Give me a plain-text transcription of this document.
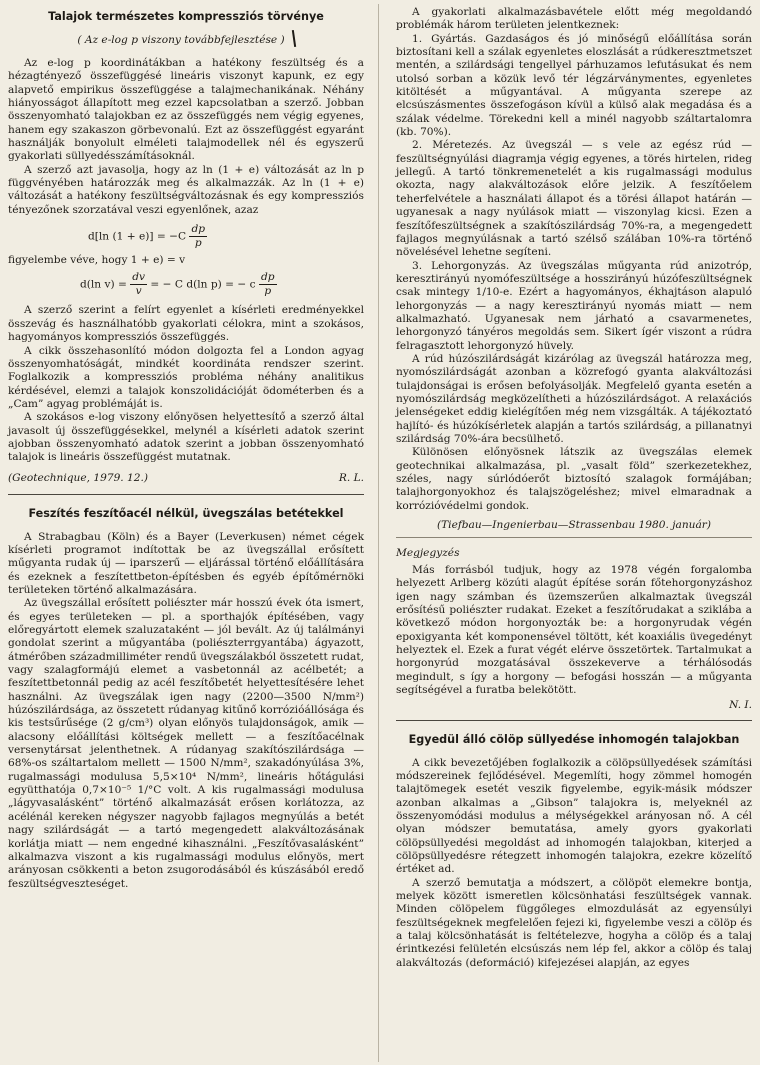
Talajok természetes kompressziós törvénye
( Az e-log p viszony továbbfejlesztése )

Az e-log p koordinátákban a hatékony feszültség és a hézagtényező összefüggésé lineáris viszonyt kapunk, ez egy alapvető empirikus összefüggése a talajmechanikának. Néhány hiányosságot állapított meg ezzel kapcsolatban a szerző. Jobban összenyomható talajokban ez az összefüggés nem végig egyenes, hanem egy szakaszon görbevonalú. Ezt az összefüggést egyaránt használják bonyolult elméleti talajmodellek nél és egyszerű gyakorlati süllyedésszámításoknál.

A szerző azt javasolja, hogy az ln (1 + e) változását az ln p függvényében határozzák meg és alkalmazzák. Az ln (1 + e) változását a hatékony feszültségváltozásnak és egy kompressziós tényezőnek szorzatával veszi egyenlőnek, azaz

d[ln $(1 + e)] = -C \frac{dp}{p}$

figyelembe véve, hogy 1 + e) = v

d(ln $v) = \frac{dv}{v}$ = − C d(ln p) = − c $\frac{dp}{p}$

A szerző szerint a felírt egyenlet a kísérleti eredményekkel összevág és használhatóbb gyakorlati célokra, mint a szokásos, hagyományos kompressziós összefüggés.

A cikk összehasonlító módon dolgozta fel a London agyag összenyomhatóságát, mindkét koordináta rendszer szerint. Foglalkozik a kompressziós probléma néhány analitikus kérdésével, elemzi a talajok konszolidációját ödométerben és a „Cam” agyag problémáját is.

A szokásos e-log viszony előnyösen helyettesítő a szerző által javasolt új összefüggésekkel, melynél a kísérleti adatok szerint ajobban összenyomható adatok szerint a jobban összenyomható talajok is lineáris összefüggést mutatnak.

(Geotechnique, 1979. 12.)	R. L.
Feszítés feszítőacél nélkül, üvegszálas betétekkel

A Strabagbau (Köln) és a Bayer (Leverkusen) német cégek kísérleti programot indítottak be az üvegszállal erősített műgyanta rudak új — iparszerű — eljárással történő előállítására és ezeknek a feszítettbeton-építésben és egyéb építőmérnöki területeken történő alkalmazására.

Az üvegszállal erősített poliészter már hosszú évek óta ismert, és egyes területeken — pl. a sporthajók építésében, vagy előregyártott elemek szaluzataként — jól bevált. Az új találmányi gondolat szerint a műgyantába (poliészterrgyantába) ágyazott, átmérőben századmilliméter rendű üvegszálakból összetett rudat, vagy szalagformájú elemet a vasbetonnál az acélbetét; a feszítettbetonnál pedig az acél feszítőbetét helyettesítésére lehet használni. Az üvegszálak igen nagy (2200—3500 N/mm²) húzószilárdsága, az összetett rúdanyag kitűnő korrózióállósága és kis testsűrűsége (2 g/cm³) olyan előnyös tulajdonságok, amik — alacsony előállítási költségek mellett — a feszítőacélnak versenytársat jelenthetnek. A rúdanyag szakítószilárdsága — 68%-os száltartalom mellett — 1500 N/mm², szakadónyúlása 3%, rugalmassági modulusa 5,5×10⁴ N/mm², lineáris hőtágulási együtthatója 0,7×10⁻⁵ 1/°C volt. A kis rugalmassági modulusa „lágyvasalásként” történő alkalmazását erősen korlátozza, az acélénál kereken négyszer nagyobb fajlagos megnyúlás a betét nagy szilárdságát — a tartó megengedett alakváltozásának korlátja miatt — nem engedné kihasználni. „Feszítővasalásként” alkalmazva viszont a kis rugalmassági modulus előnyös, mert arányosan csökkenti a beton zsugorodásából és kúszásából eredő feszültségveszteséget.

A gyakorlati alkalmazásbavétele előtt még megoldandó problémák három területen jelentkeznek:

1. Gyártás. Gazdaságos és jó minőségű előállítása során biztosítani kell a szálak egyenletes eloszlását a rúdkeresztmetszet mentén, a szilárdsági tengellyel párhuzamos lefutásukat és nem utolsó sorban a közük levő tér légzárványmentes, egyenletes kitöltését a műgyantával. A műgyanta szerepe az elcsúszásmentes összefogáson kívül a külső alak megadása és a szálak védelme. Törekedni kell a minél nagyobb száltartalomra (kb. 70%).

2. Méretezés. Az üvegszál — s vele az egész rúd — feszültségnyúlási diagramja végig egyenes, a törés hirtelen, rideg jellegű. A tartó tönkremenetelét a kis rugalmassági modulus okozta, nagy alakváltozások előre jelzik. A feszítőelem teherfelvétele a használati állapot és a törési állapot határán — ugyanesak a nagy nyúlások miatt — viszonylag kicsi. Ezen a feszítőfeszültségnek a szakítószilárdság 70%-ra, a megengedett fajlagos megnyúlásnak a tartó szélső szálában 10%-ra történő növelésével lehetne segíteni.

3. Lehorgonyzás. Az üvegszálas műgyanta rúd anizotróp, keresztirányú nyomófeszültsége a hosszirányú húzófeszültségnek csak mintegy 1/10-e. Ezért a hagyományos, ékhajtáson alapuló lehorgonyzás — a nagy keresztirányú nyomás miatt — nem alkalmazható. Ugyanesak nem járható a csavarmenetes, lehorgonyzó tányéros megoldás sem. Sikert ígér viszont a rúdra felragasztott lehorgonyzó hüvely.

A rúd húzószilárdságát kizárólag az üvegszál határozza meg, nyomószilárdságát azonban a közrefogó gyanta alakváltozási tulajdonságai is erősen befolyásolják. Megfelelő gyanta esetén a nyomószilárdság megközelítheti a húzószilárdságot. A relaxációs jelenségeket eddig kielégítően még nem vizsgálták. A tájékoztató hajlító- és húzókísérletek alapján a tartós szilárdság, a pillanatnyi szilárdság 70%-ára becsülhető.

Különösen előnyösnek látszik az üvegszálas elemek geotechnikai alkalmazása, pl. „vasalt föld” szerkezetekhez, széles, nagy súrlódóerőt biztosító szalagok formájában; talajhorgonyokhoz és talajszögeléshez; mivel elmaradnak a korrózióvédelmi gondok.

(Tiefbau—Ingenierbau—Strassenbau 1980. január)
Megjegyzés

Más forrásból tudjuk, hogy az 1978 végén forgalomba helyezett Arlberg közúti alagút építése során főtehorgonyzáshoz igen nagy számban és üzemszerűen alkalmaztak üvegszál erősítésű poliészter rudakat. Ezeket a feszítőrudakat a sziklába a következő módon horgonyozták be: a horgonyrudak végén epoxigyanta két komponensével töltött, két koaxiális üvegedényt helyeztek el. Ezek a furat végét elérve összetörtek. Tartalmukat a horgonyrúd mozgatásával összekeverve a térhálósodás megindult, s így a horgony — befogási hosszán — a műgyanta segítségével a furatba belekötött.

N. I.
Egyedül álló cölöp süllyedése inhomogén talajokban

A cikk bevezetőjében foglalkozik a cölöpsüllyedések számítási módszereinek fejlődésével. Megemlíti, hogy zömmel homogén talajtömegek esetét veszik figyelembe, egyik-másik módszer azonban alkalmas a „Gibson” talajokra is, melyeknél az összenyomódási modulus a mélységekkel arányosan nő. A cél olyan módszer bemutatása, amely gyors gyakorlati cölöpsüllyedési megoldást ad inhomogén talajokban, kiterjed a cölöpsüllyedésre rétegzett inhomogén talajokra, ezekre közelítő értéket ad.

A szerző bemutatja a módszert, a cölöpöt elemekre bontja, melyek között ismeretlen kölcsönhatási feszültségek vannak. Minden cölöpelem függőleges elmozdulását az egyensúlyi feszültségeknek megfelelően fejezi ki, figyelembe veszi a cölöp és a talaj kölcsönhatását is feltételezve, hogyha a cölöp és a talaj érintkezési felületén elcsúszás nem lép fel, akkor a cölöp és talaj alakváltozás (deformáció) kifejezései alapján, az egyes
